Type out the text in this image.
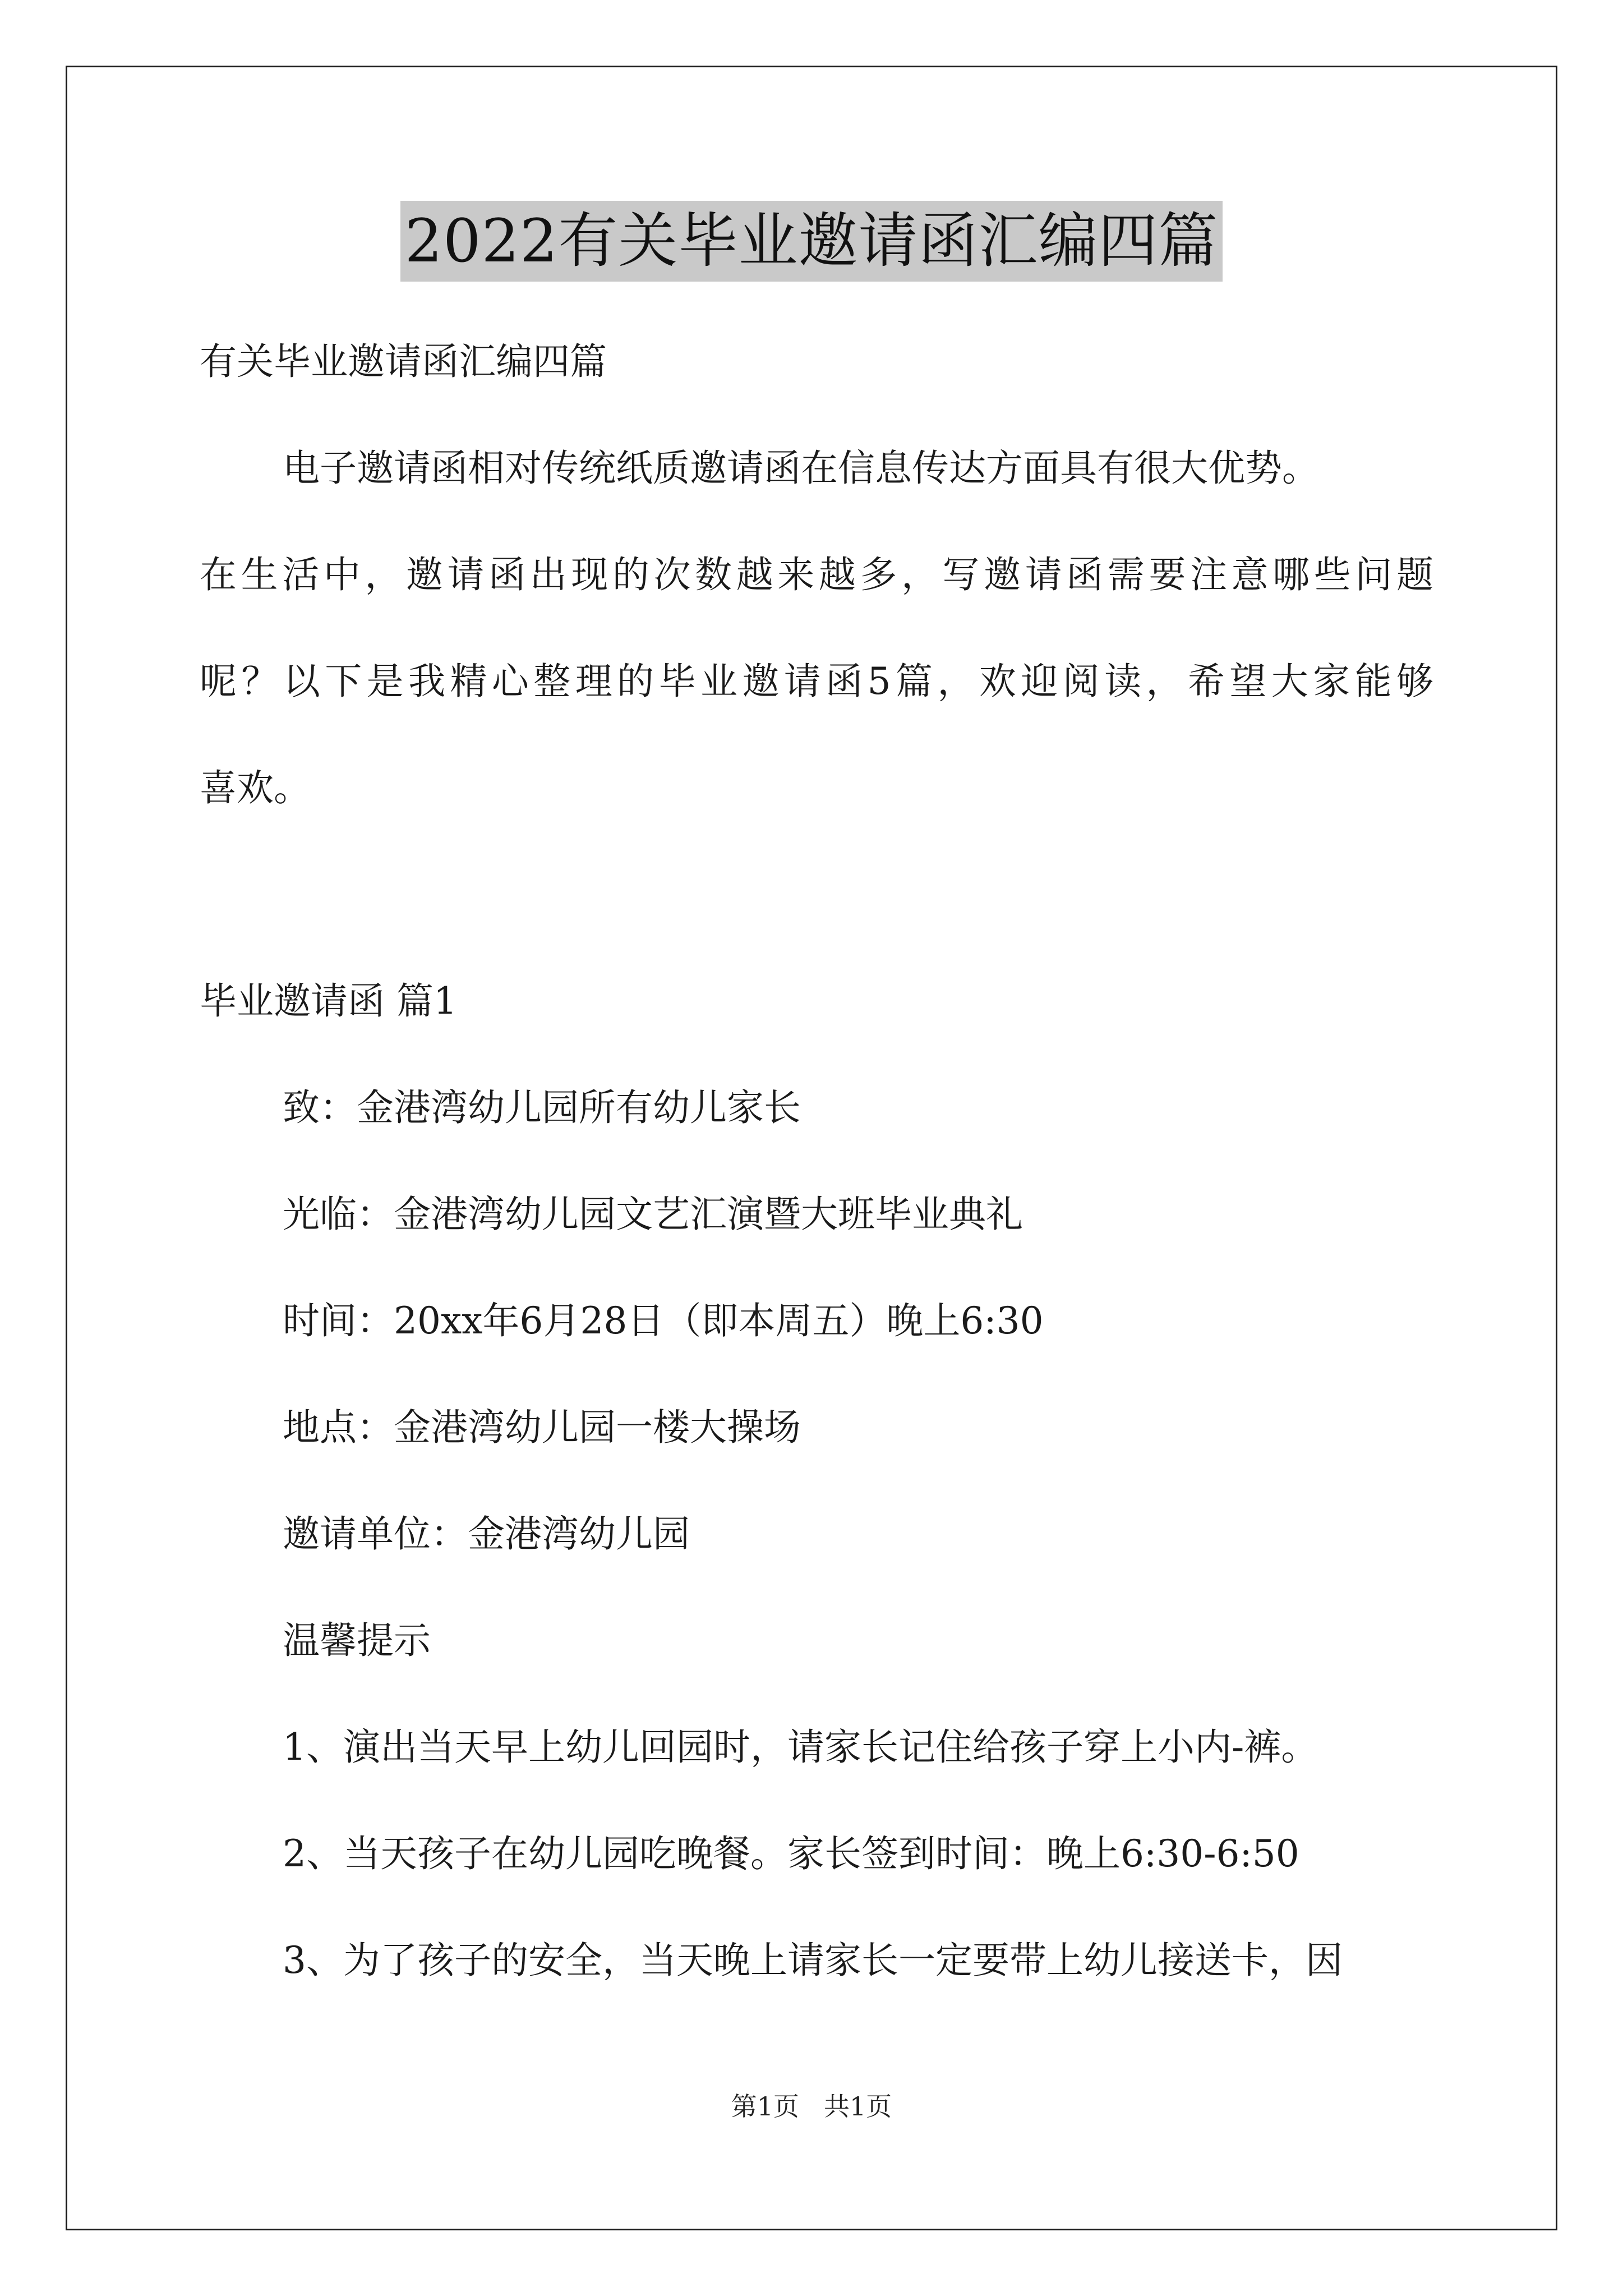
2022有关毕业邀请函汇编四篇
有关毕业邀请函汇编四篇
电子邀请函相对传统纸质邀请函在信息传达方面具有很大优势。
在生活中，邀请函出现的次数越来越多，写邀请函需要注意哪些问题
呢？以下是我精心整理的毕业邀请函5篇，欢迎阅读，希望大家能够
喜欢。
毕业邀请函 篇1
致：金港湾幼儿园所有幼儿家长
光临：金港湾幼儿园文艺汇演暨大班毕业典礼
时间：20xx年6月28日（即本周五）晚上6:30
地点：金港湾幼儿园一楼大操场
邀请单位：金港湾幼儿园
温馨提示
1、演出当天早上幼儿回园时，请家长记住给孩子穿上小内-裤。
2、当天孩子在幼儿园吃晚餐。家长签到时间：晚上6:30-6:50
3、为了孩子的安全，当天晚上请家长一定要带上幼儿接送卡，因
第1页 共1页
